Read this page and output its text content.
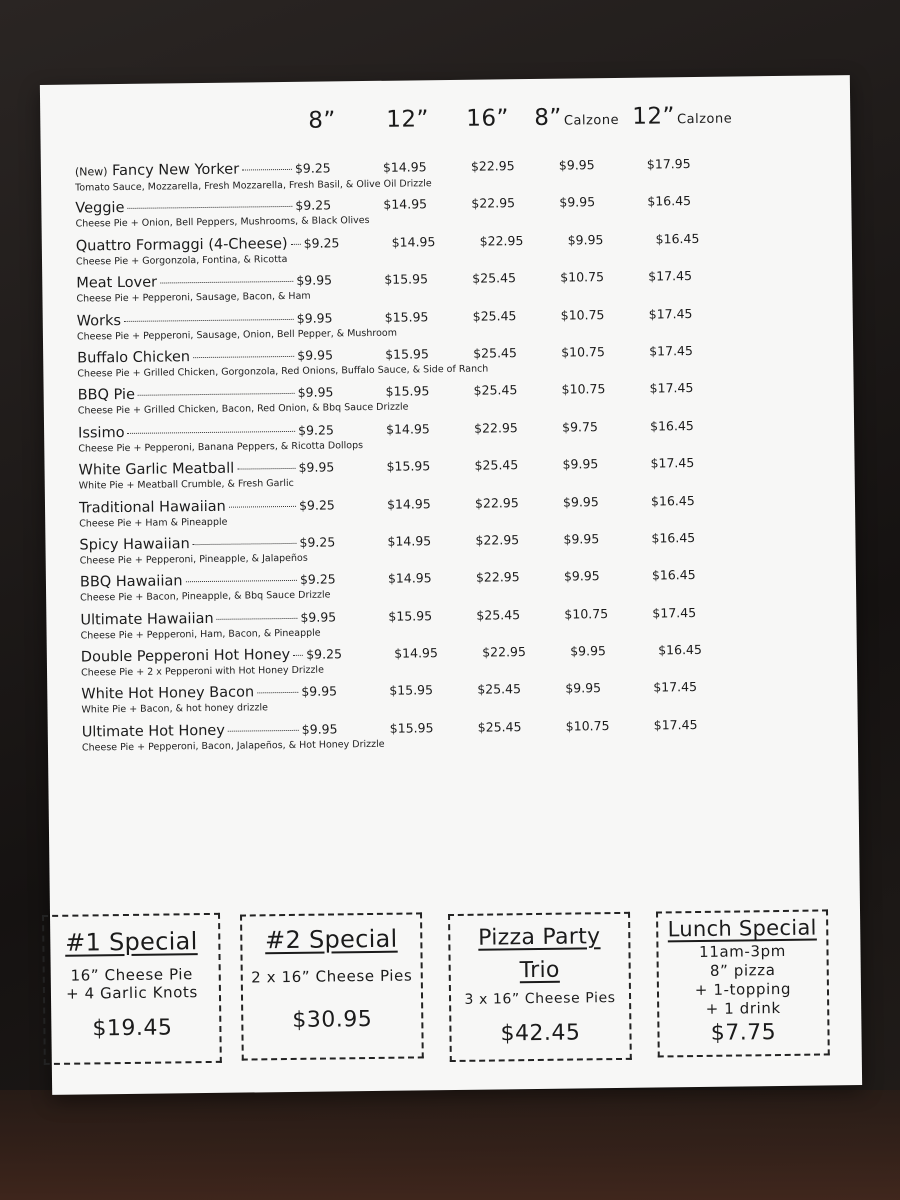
8” 12” 16” 8” Calzone 12” Calzone
(New) Fancy New Yorker	$9.25	$14.95	$22.95	$9.95	$17.95
Tomato Sauce, Mozzarella, Fresh Mozzarella, Fresh Basil, & Olive Oil Drizzle
Veggie	$9.25	$14.95	$22.95	$9.95	$16.45
Cheese Pie + Onion, Bell Peppers, Mushrooms, & Black Olives
Quattro Formaggi (4-Cheese) $9.25	$14.95	$22.95	$9.95	$16.45
Cheese Pie + Gorgonzola, Fontina, & Ricotta
Meat Lover	$9.95	$15.95	$25.45	$10.75	$17.45
Cheese Pie + Pepperoni, Sausage, Bacon, & Ham
Works	$9.95	$15.95	$25.45	$10.75	$17.45
Cheese Pie + Pepperoni, Sausage, Onion, Bell Pepper, & Mushroom
Buffalo Chicken	$9.95	$15.95	$25.45	$10.75	$17.45
Cheese Pie + Grilled Chicken, Gorgonzola, Red Onions, Buffalo Sauce, & Side of Ranch
BBQ Pie	$9.95	$15.95	$25.45	$10.75	$17.45
Cheese Pie + Grilled Chicken, Bacon, Red Onion, & Bbq Sauce Drizzle
Issimo	$9.25	$14.95	$22.95	$9.75	$16.45
Cheese Pie + Pepperoni, Banana Peppers, & Ricotta Dollops
White Garlic Meatball	$9.95	$15.95	$25.45	$9.95	$17.45
White Pie + Meatball Crumble, & Fresh Garlic
Traditional Hawaiian	$9.25	$14.95	$22.95	$9.95	$16.45
Cheese Pie + Ham & Pineapple
Spicy Hawaiian	$9.25	$14.95	$22.95	$9.95	$16.45
Cheese Pie + Pepperoni, Pineapple, & Jalapeños
BBQ Hawaiian	$9.25	$14.95	$22.95	$9.95	$16.45
Cheese Pie + Bacon, Pineapple, & Bbq Sauce Drizzle
Ultimate Hawaiian	$9.95	$15.95	$25.45	$10.75	$17.45
Cheese Pie + Pepperoni, Ham, Bacon, & Pineapple
Double Pepperoni Hot Honey $9.25	$14.95	$22.95	$9.95	$16.45
Cheese Pie + 2 x Pepperoni with Hot Honey Drizzle
White Hot Honey Bacon	$9.95	$15.95	$25.45	$9.95	$17.45
White Pie + Bacon, & hot honey drizzle
Ultimate Hot Honey	$9.95	$15.95	$25.45	$10.75	$17.45
Cheese Pie + Pepperoni, Bacon, Jalapeños, & Hot Honey Drizzle
#1 Special
16” Cheese Pie
+ 4 Garlic Knots
$19.45
#2 Special
2 x 16” Cheese Pies
$30.95
Pizza Party
Trio
3 x 16” Cheese Pies
$42.45
Lunch Special
11am-3pm
8” pizza
+ 1-topping
+ 1 drink
$7.75
